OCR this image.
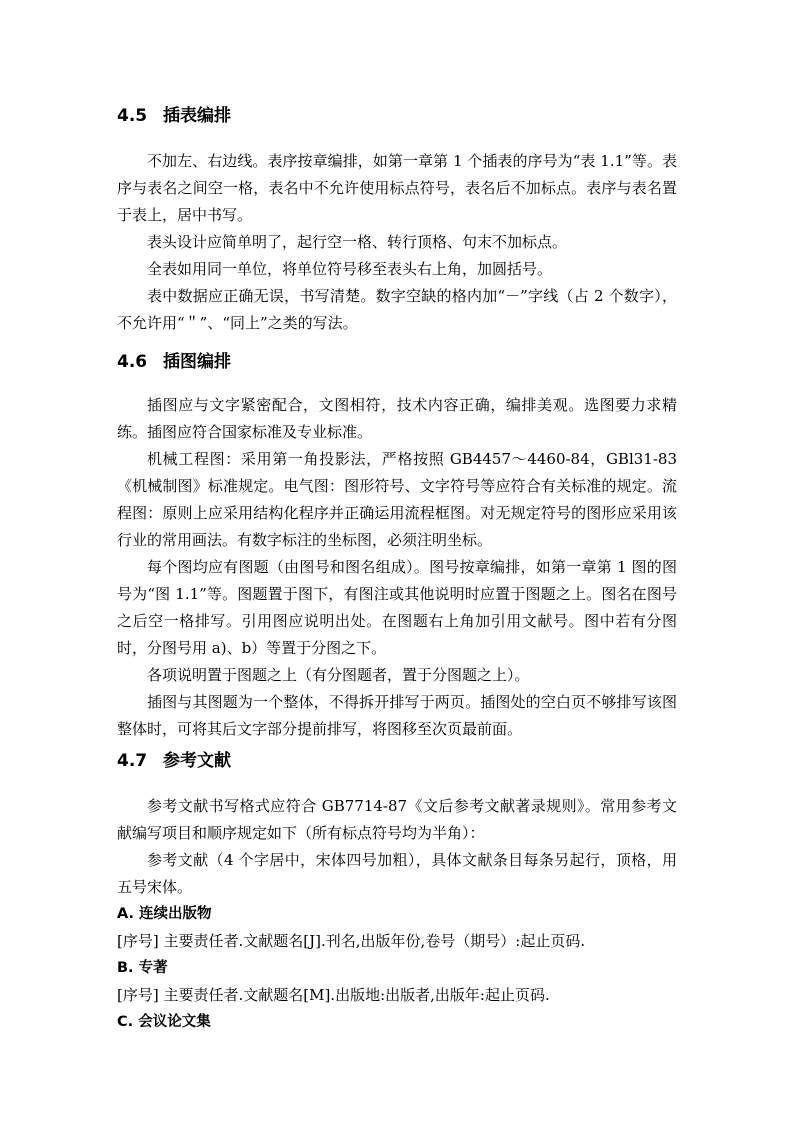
4.5 插表编排

不加左、右边线。表序按章编排，如第一章第 1 个插表的序号为“表 1.1”等。表序与表名之间空一格，表名中不允许使用标点符号，表名后不加标点。表序与表名置于表上，居中书写。

表头设计应简单明了，起行空一格、转行顶格、句末不加标点。

全表如用同一单位，将单位符号移至表头右上角，加圆括号。

表中数据应正确无误，书写清楚。数字空缺的格内加“－”字线（占 2 个数字），不允许用“＂”、“同上”之类的写法。

4.6 插图编排

插图应与文字紧密配合，文图相符，技术内容正确，编排美观。选图要力求精练。插图应符合国家标准及专业标准。

机械工程图：采用第一角投影法，严格按照 GB4457～4460-84，GBl31-83《机械制图》标准规定。电气图：图形符号、文字符号等应符合有关标准的规定。流程图：原则上应采用结构化程序并正确运用流程框图。对无规定符号的图形应采用该行业的常用画法。有数字标注的坐标图，必须注明坐标。

每个图均应有图题（由图号和图名组成）。图号按章编排，如第一章第 1 图的图号为“图 1.1”等。图题置于图下，有图注或其他说明时应置于图题之上。图名在图号之后空一格排写。引用图应说明出处。在图题右上角加引用文献号。图中若有分图时，分图号用 a)、b）等置于分图之下。

各项说明置于图题之上（有分图题者，置于分图题之上）。

插图与其图题为一个整体，不得拆开排写于两页。插图处的空白页不够排写该图整体时，可将其后文字部分提前排写，将图移至次页最前面。

4.7 参考文献

参考文献书写格式应符合 GB7714-87《文后参考文献著录规则》。常用参考文献编写项目和顺序规定如下（所有标点符号均为半角）：

参考文献（4 个字居中，宋体四号加粗），具体文献条目每条另起行，顶格，用五号宋体。

A. 连续出版物

[序号] 主要责任者.文献题名[J].刊名,出版年份,卷号（期号）:起止页码.

B. 专著

[序号] 主要责任者.文献题名[M].出版地:出版者,出版年:起止页码.

C. 会议论文集
